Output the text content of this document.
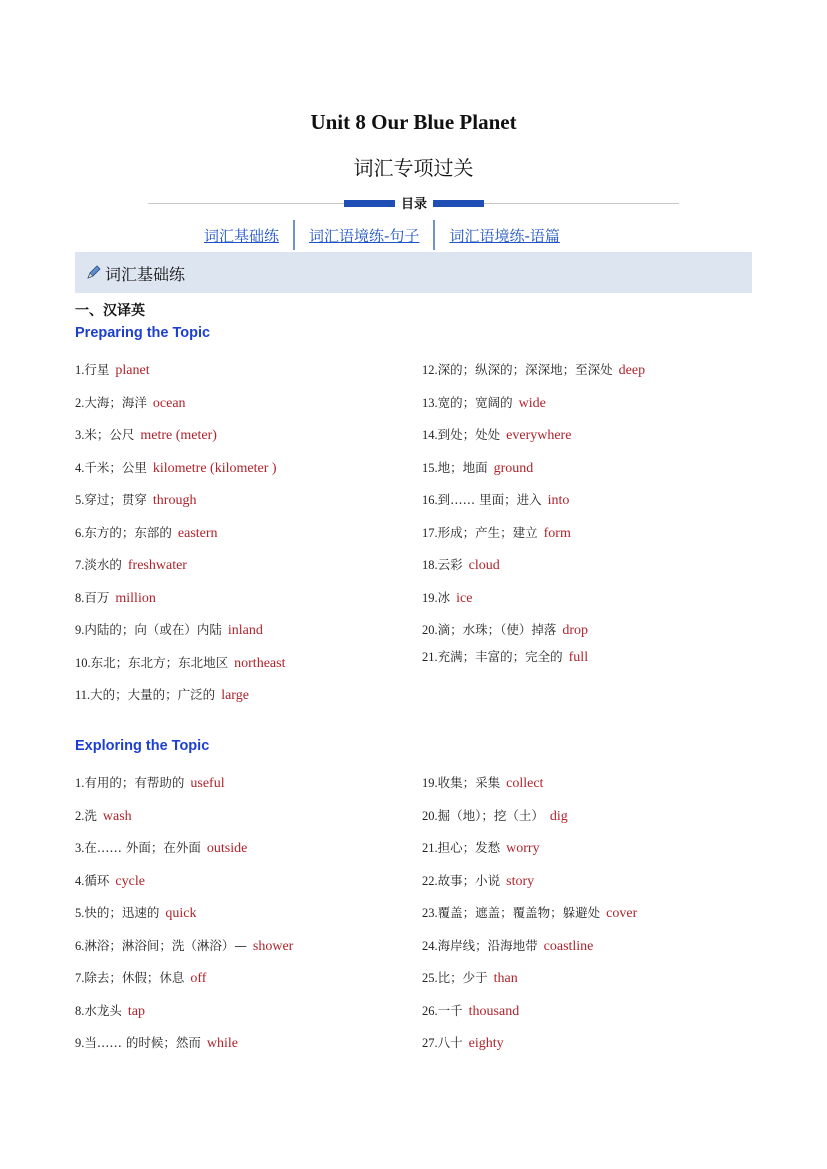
Unit 8 Our Blue Planet
词汇专项过关
目录
词汇基础练	词汇语境练-句子	词汇语境练-语篇
词汇基础练
一、汉译英
Preparing the Topic
1.行星 planet
2.大海；海洋 ocean
3.米；公尺 metre (meter)
4.千米；公里 kilometre (kilometer )
5.穿过；贯穿 through
6.东方的；东部的 eastern
7.淡水的 freshwater
8.百万 million
9.内陆的；向（或在）内陆 inland
10.东北；东北方；东北地区 northeast
11.大的；大量的；广泛的 large
12.深的；纵深的；深深地；至深处 deep
13.宽的；宽阔的 wide
14.到处；处处 everywhere
15.地；地面 ground
16.到…… 里面；进入 into
17.形成；产生；建立 form
18.云彩 cloud
19.冰 ice
20.滴；水珠；（使）掉落 drop
21.充满；丰富的；完全的 full
Exploring the Topic
1.有用的；有帮助的 useful
2.洗 wash
3.在…… 外面；在外面 outside
4.循环 cycle
5.快的；迅速的 quick
6.淋浴；淋浴间；洗（淋浴）— shower
7.除去；休假；休息 off
8.水龙头 tap
9.当…… 的时候；然而 while
19.收集；采集 collect
20.掘（地）；挖（土） dig
21.担心；发愁 worry
22.故事；小说 story
23.覆盖；遮盖；覆盖物；躲避处 cover
24.海岸线；沿海地带 coastline
25.比；少于 than
26.一千 thousand
27.八十 eighty
